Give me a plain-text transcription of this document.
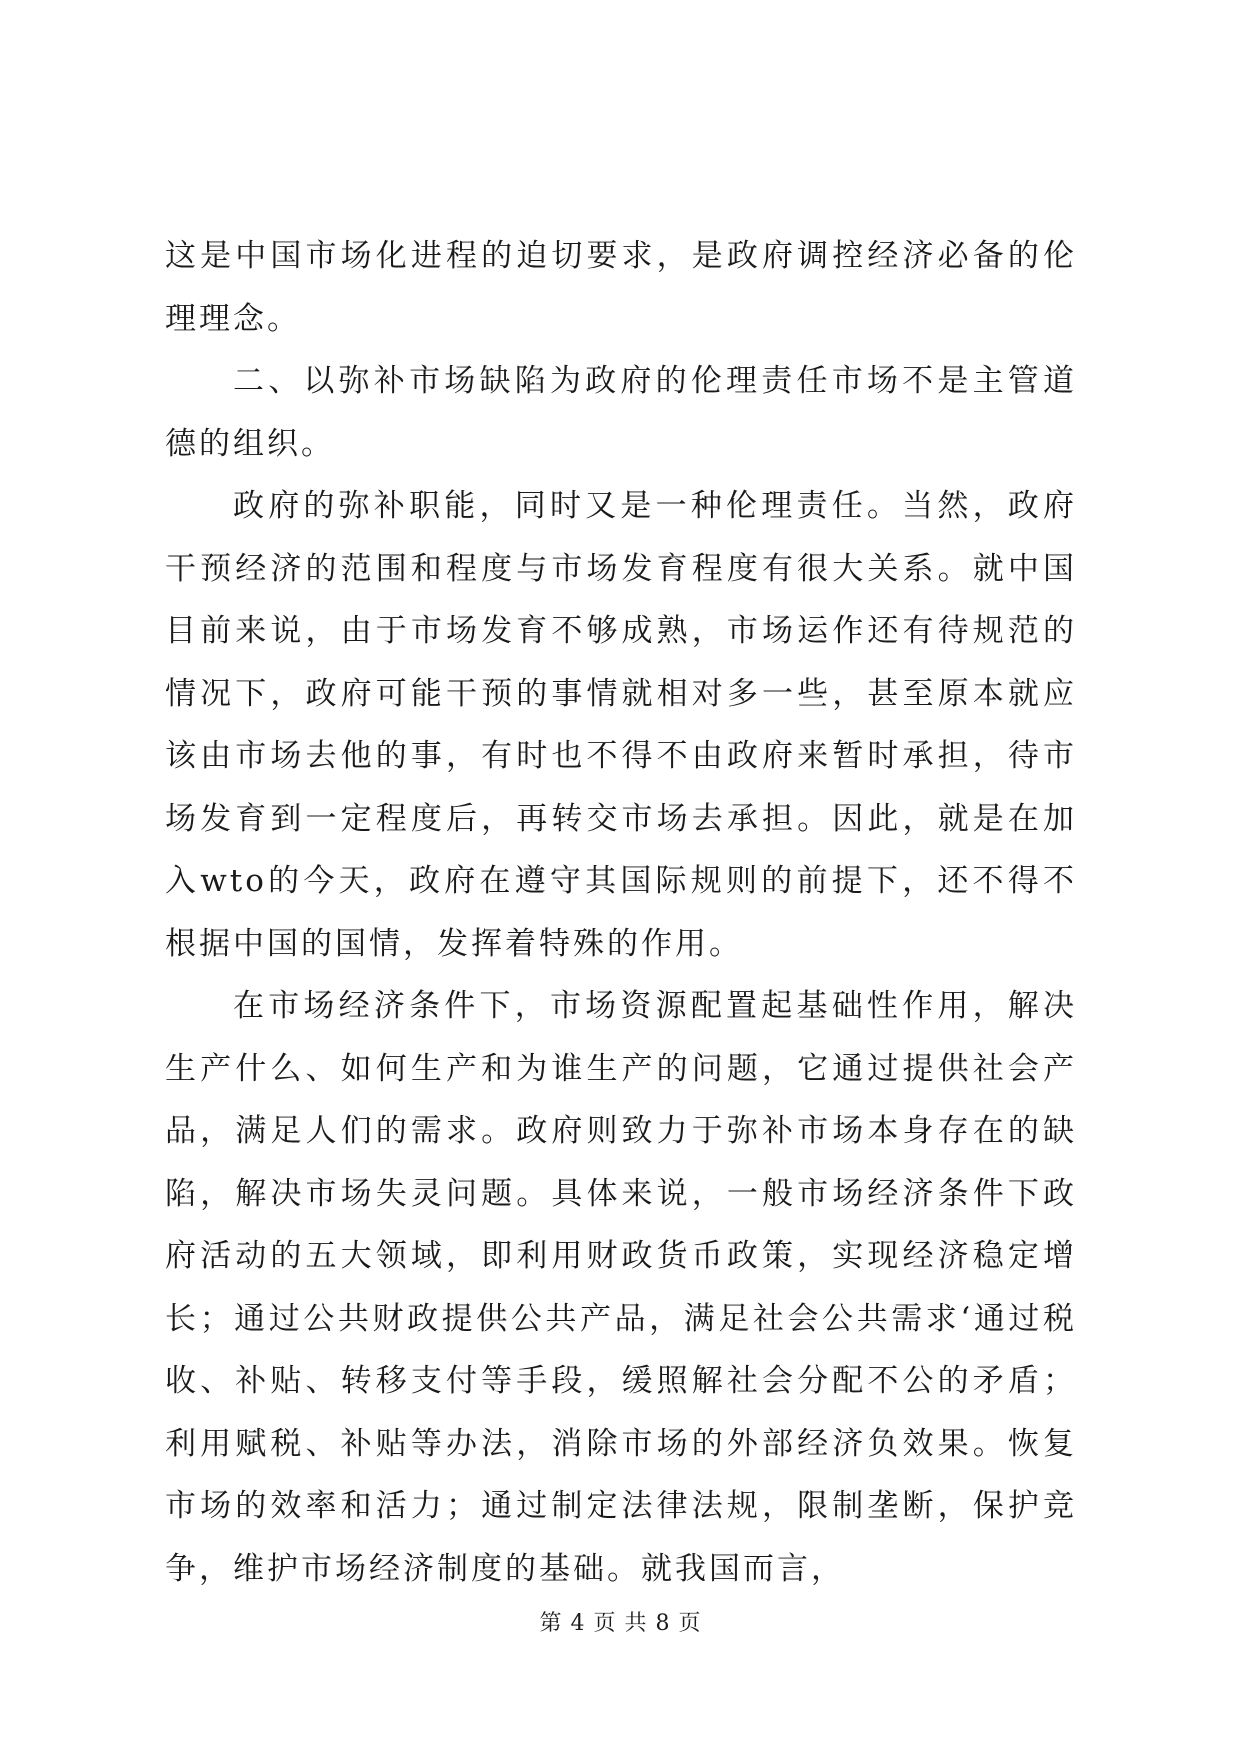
这是中国市场化进程的迫切要求，是政府调控经济必备的伦理理念。

二、以弥补市场缺陷为政府的伦理责任市场不是主管道德的组织。

政府的弥补职能，同时又是一种伦理责任。当然，政府干预经济的范围和程度与市场发育程度有很大关系。就中国目前来说，由于市场发育不够成熟，市场运作还有待规范的情况下，政府可能干预的事情就相对多一些，甚至原本就应该由市场去他的事，有时也不得不由政府来暂时承担，待市场发育到一定程度后，再转交市场去承担。因此，就是在加入wto的今天，政府在遵守其国际规则的前提下，还不得不根据中国的国情，发挥着特殊的作用。

在市场经济条件下，市场资源配置起基础性作用，解决生产什么、如何生产和为谁生产的问题，它通过提供社会产品，满足人们的需求。政府则致力于弥补市场本身存在的缺陷，解决市场失灵问题。具体来说，一般市场经济条件下政府活动的五大领域，即利用财政货币政策，实现经济稳定增长；通过公共财政提供公共产品，满足社会公共需求‘通过税收、补贴、转移支付等手段，缓照解社会分配不公的矛盾；利用赋税、补贴等办法，消除市场的外部经济负效果。恢复市场的效率和活力；通过制定法律法规，限制垄断，保护竞争，维护市场经济制度的基础。就我国而言，

第 4 页 共 8 页
